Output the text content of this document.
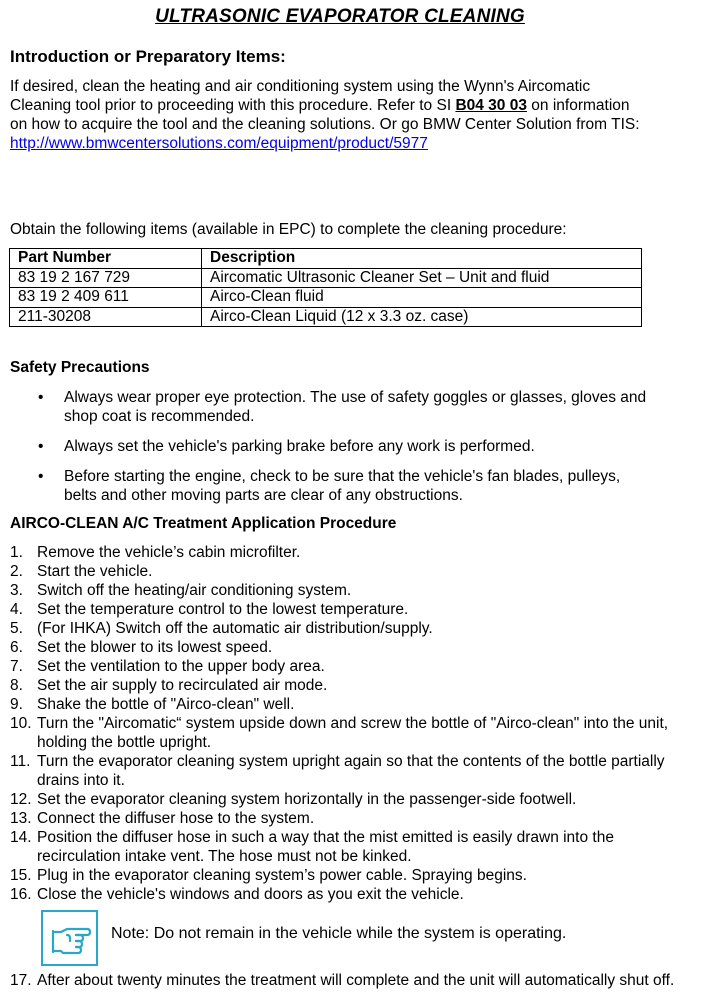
ULTRASONIC EVAPORATOR CLEANING
Introduction or Preparatory Items:
If desired, clean the heating and air conditioning system using the Wynn's Aircomatic
Cleaning tool prior to proceeding with this procedure. Refer to SI B04 30 03 on information
on how to acquire the tool and the cleaning solutions. Or go BMW Center Solution from TIS:
http://www.bmwcentersolutions.com/equipment/product/5977
Obtain the following items (available in EPC) to complete the cleaning procedure:
Part Number	Description
83 19 2 167 729	Aircomatic Ultrasonic Cleaner Set – Unit and fluid
83 19 2 409 611	Airco-Clean fluid
211-30208	Airco-Clean Liquid (12 x 3.3 oz. case)
Safety Precautions
• Always wear proper eye protection. The use of safety goggles or glasses, gloves and
shop coat is recommended.
• Always set the vehicle's parking brake before any work is performed.
• Before starting the engine, check to be sure that the vehicle's fan blades, pulleys,
belts and other moving parts are clear of any obstructions.
AIRCO-CLEAN A/C Treatment Application Procedure
1. Remove the vehicle’s cabin microfilter.
2. Start the vehicle.
3. Switch off the heating/air conditioning system.
4. Set the temperature control to the lowest temperature.
5. (For IHKA) Switch off the automatic air distribution/supply.
6. Set the blower to its lowest speed.
7. Set the ventilation to the upper body area.
8. Set the air supply to recirculated air mode.
9. Shake the bottle of "Airco-clean" well.
10. Turn the "Aircomatic“ system upside down and screw the bottle of "Airco-clean" into the unit,
holding the bottle upright.
11. Turn the evaporator cleaning system upright again so that the contents of the bottle partially
drains into it.
12. Set the evaporator cleaning system horizontally in the passenger-side footwell.
13. Connect the diffuser hose to the system.
14. Position the diffuser hose in such a way that the mist emitted is easily drawn into the
recirculation intake vent. The hose must not be kinked.
15. Plug in the evaporator cleaning system’s power cable. Spraying begins.
16. Close the vehicle's windows and doors as you exit the vehicle.
Note: Do not remain in the vehicle while the system is operating.
17. After about twenty minutes the treatment will complete and the unit will automatically shut off.
